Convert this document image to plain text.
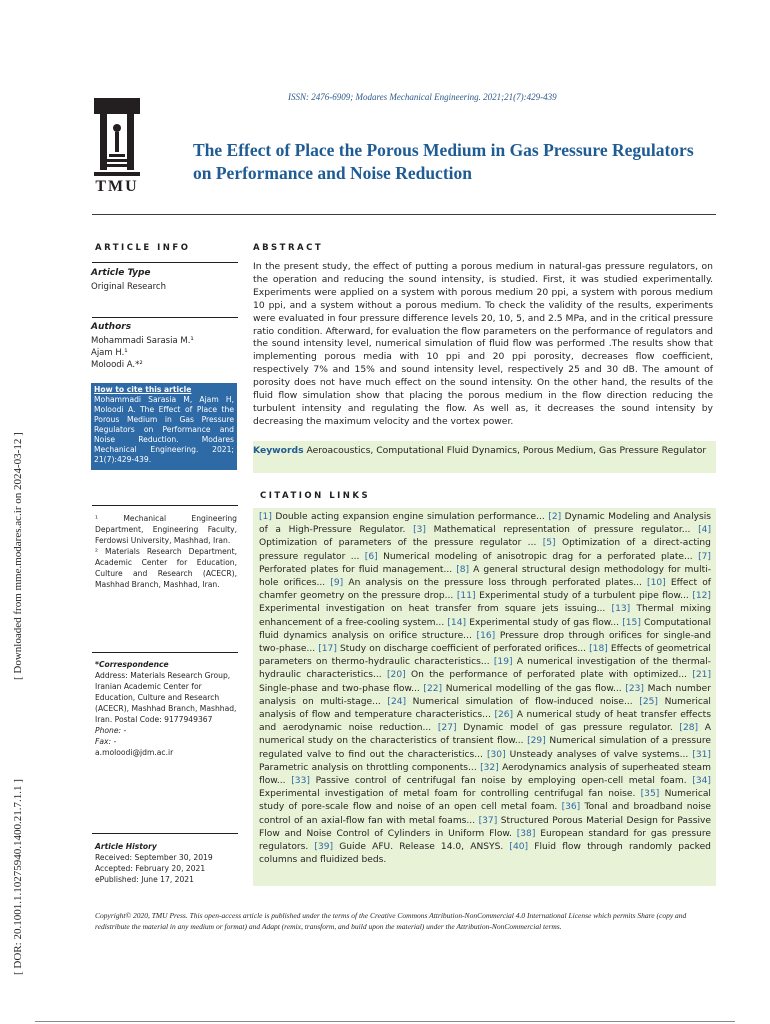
[ Downloaded from mme.modares.ac.ir on 2024-03-12 ]
[ DOR: 20.1001.1.10275940.1400.21.7.1.1 ]
ISSN: 2476-6909; Modares Mechanical Engineering. 2021;21(7):429-439
TMU
The Effect of Place the Porous Medium in Gas Pressure Regulators on Performance and Noise Reduction
ARTICLE INFO
Article Type
Original Research
Authors
Mohammadi Sarasia M.¹
Ajam H.¹
Moloodi A.*²
How to cite this article
Mohammadi Sarasia M, Ajam H, Moloodi A. The Effect of Place the Porous Medium in Gas Pressure Regulators on Performance and Noise Reduction. Modares Mechanical Engineering. 2021; 21(7):429-439.
¹ Mechanical Engineering Department, Engineering Faculty, Ferdowsi University, Mashhad, Iran.
² Materials Research Department, Academic Center for Education, Culture and Research (ACECR), Mashhad Branch, Mashhad, Iran.
*Correspondence
Address: Materials Research Group, Iranian Academic Center for Education, Culture and Research (ACECR), Mashhad Branch, Mashhad, Iran. Postal Code: 9177949367
Phone: -
Fax: -
a.moloodi@jdm.ac.ir
Article History
Received: September 30, 2019
Accepted: February 20, 2021
ePublished: June 17, 2021
ABSTRACT
In the present study, the effect of putting a porous medium in natural-gas pressure regulators, on the operation and reducing the sound intensity, is studied. First, it was studied experimentally. Experiments were applied on a system with porous medium 20 ppi, a system with porous medium 10 ppi, and a system without a porous medium. To check the validity of the results, experiments were evaluated in four pressure difference levels 20, 10, 5, and 2.5 MPa, and in the critical pressure ratio condition. Afterward, for evaluation the flow parameters on the performance of regulators and the sound intensity level, numerical simulation of fluid flow was performed .The results show that implementing porous media with 10 ppi and 20 ppi porosity, decreases flow coefficient, respectively 7% and 15% and sound intensity level, respectively 25 and 30 dB. The amount of porosity does not have much effect on the sound intensity. On the other hand, the results of the fluid flow simulation show that placing the porous medium in the flow direction reducing the turbulent intensity and regulating the flow. As well as, it decreases the sound intensity by decreasing the maximum velocity and the vortex power.
Keywords Aeroacoustics, Computational Fluid Dynamics, Porous Medium, Gas Pressure Regulator
CITATION LINKS
[1] Double acting expansion engine simulation performance... [2] Dynamic Modeling and Analysis of a High-Pressure Regulator. [3] Mathematical representation of pressure regulator... [4] Optimization of parameters of the pressure regulator ... [5] Optimization of a direct-acting pressure regulator ... [6] Numerical modeling of anisotropic drag for a perforated plate... [7] Perforated plates for fluid management... [8] A general structural design methodology for multi-hole orifices... [9] An analysis on the pressure loss through perforated plates... [10] Effect of chamfer geometry on the pressure drop... [11] Experimental study of a turbulent pipe flow... [12] Experimental investigation on heat transfer from square jets issuing... [13] Thermal mixing enhancement of a free-cooling system... [14] Experimental study of gas flow... [15] Computational fluid dynamics analysis on orifice structure... [16] Pressure drop through orifices for single-and two-phase... [17] Study on discharge coefficient of perforated orifices... [18] Effects of geometrical parameters on thermo-hydraulic characteristics... [19] A numerical investigation of the thermal-hydraulic characteristics... [20] On the performance of perforated plate with optimized... [21] Single-phase and two-phase flow... [22] Numerical modelling of the gas flow... [23] Mach number analysis on multi-stage... [24] Numerical simulation of flow-induced noise... [25] Numerical analysis of flow and temperature characteristics... [26] A numerical study of heat transfer effects and aerodynamic noise reduction... [27] Dynamic model of gas pressure regulator. [28] A numerical study on the characteristics of transient flow... [29] Numerical simulation of a pressure regulated valve to find out the characteristics... [30] Unsteady analyses of valve systems... [31] Parametric analysis on throttling components... [32] Aerodynamics analysis of superheated steam flow... [33] Passive control of centrifugal fan noise by employing open-cell metal foam. [34] Experimental investigation of metal foam for controlling centrifugal fan noise. [35] Numerical study of pore-scale flow and noise of an open cell metal foam. [36] Tonal and broadband noise control of an axial-flow fan with metal foams... [37] Structured Porous Material Design for Passive Flow and Noise Control of Cylinders in Uniform Flow. [38] European standard for gas pressure regulators. [39] Guide AFU. Release 14.0, ANSYS. [40] Fluid flow through randomly packed columns and fluidized beds.
Copyright© 2020, TMU Press. This open-access article is published under the terms of the Creative Commons Attribution-NonCommercial 4.0 International License which permits Share (copy and redistribute the material in any medium or format) and Adapt (remix, transform, and build upon the material) under the Attribution-NonCommercial terms.
